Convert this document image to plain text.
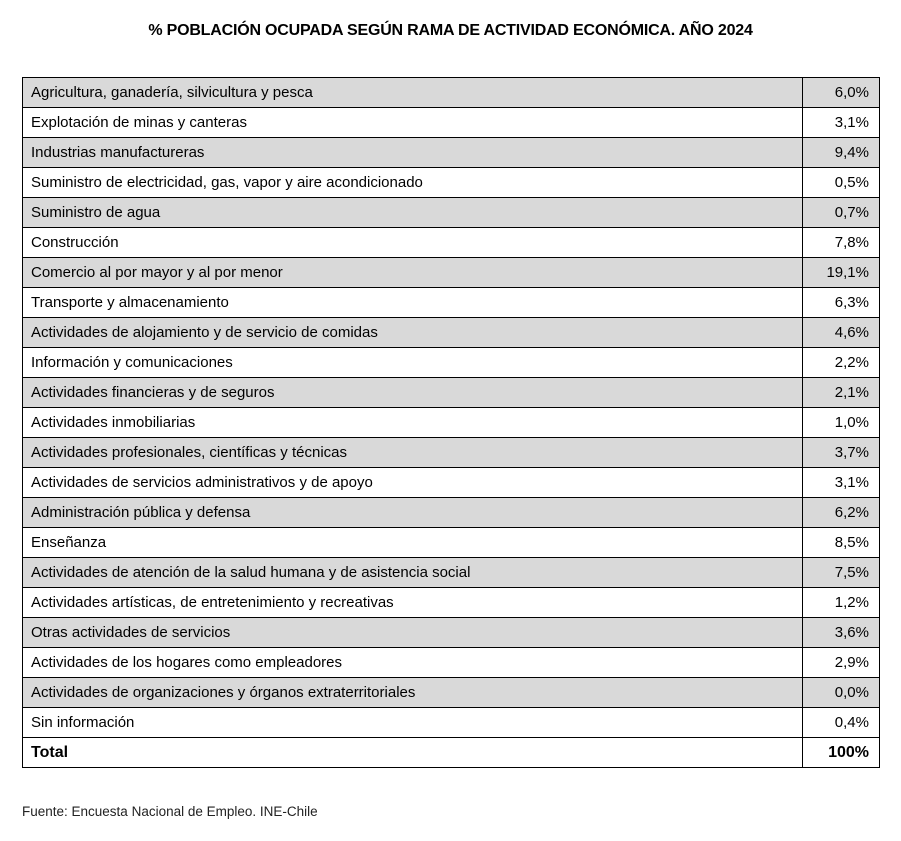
% POBLACIÓN OCUPADA SEGÚN RAMA DE ACTIVIDAD ECONÓMICA. AÑO 2024
Agricultura, ganadería, silvicultura y pesca	6,0%
Explotación de minas y canteras	3,1%
Industrias manufactureras	9,4%
Suministro de electricidad, gas, vapor y aire acondicionado	0,5%
Suministro de agua	0,7%
Construcción	7,8%
Comercio al por mayor y al por menor	19,1%
Transporte y almacenamiento	6,3%
Actividades de alojamiento y de servicio de comidas	4,6%
Información y comunicaciones	2,2%
Actividades financieras y de seguros	2,1%
Actividades inmobiliarias	1,0%
Actividades profesionales, científicas y técnicas	3,7%
Actividades de servicios administrativos y de apoyo	3,1%
Administración pública y defensa	6,2%
Enseñanza	8,5%
Actividades de atención de la salud humana y de asistencia social	7,5%
Actividades artísticas, de entretenimiento y recreativas	1,2%
Otras actividades de servicios	3,6%
Actividades de los hogares como empleadores	2,9%
Actividades de organizaciones y órganos extraterritoriales	0,0%
Sin información	0,4%
Total	100%
Fuente: Encuesta Nacional de Empleo. INE-Chile
